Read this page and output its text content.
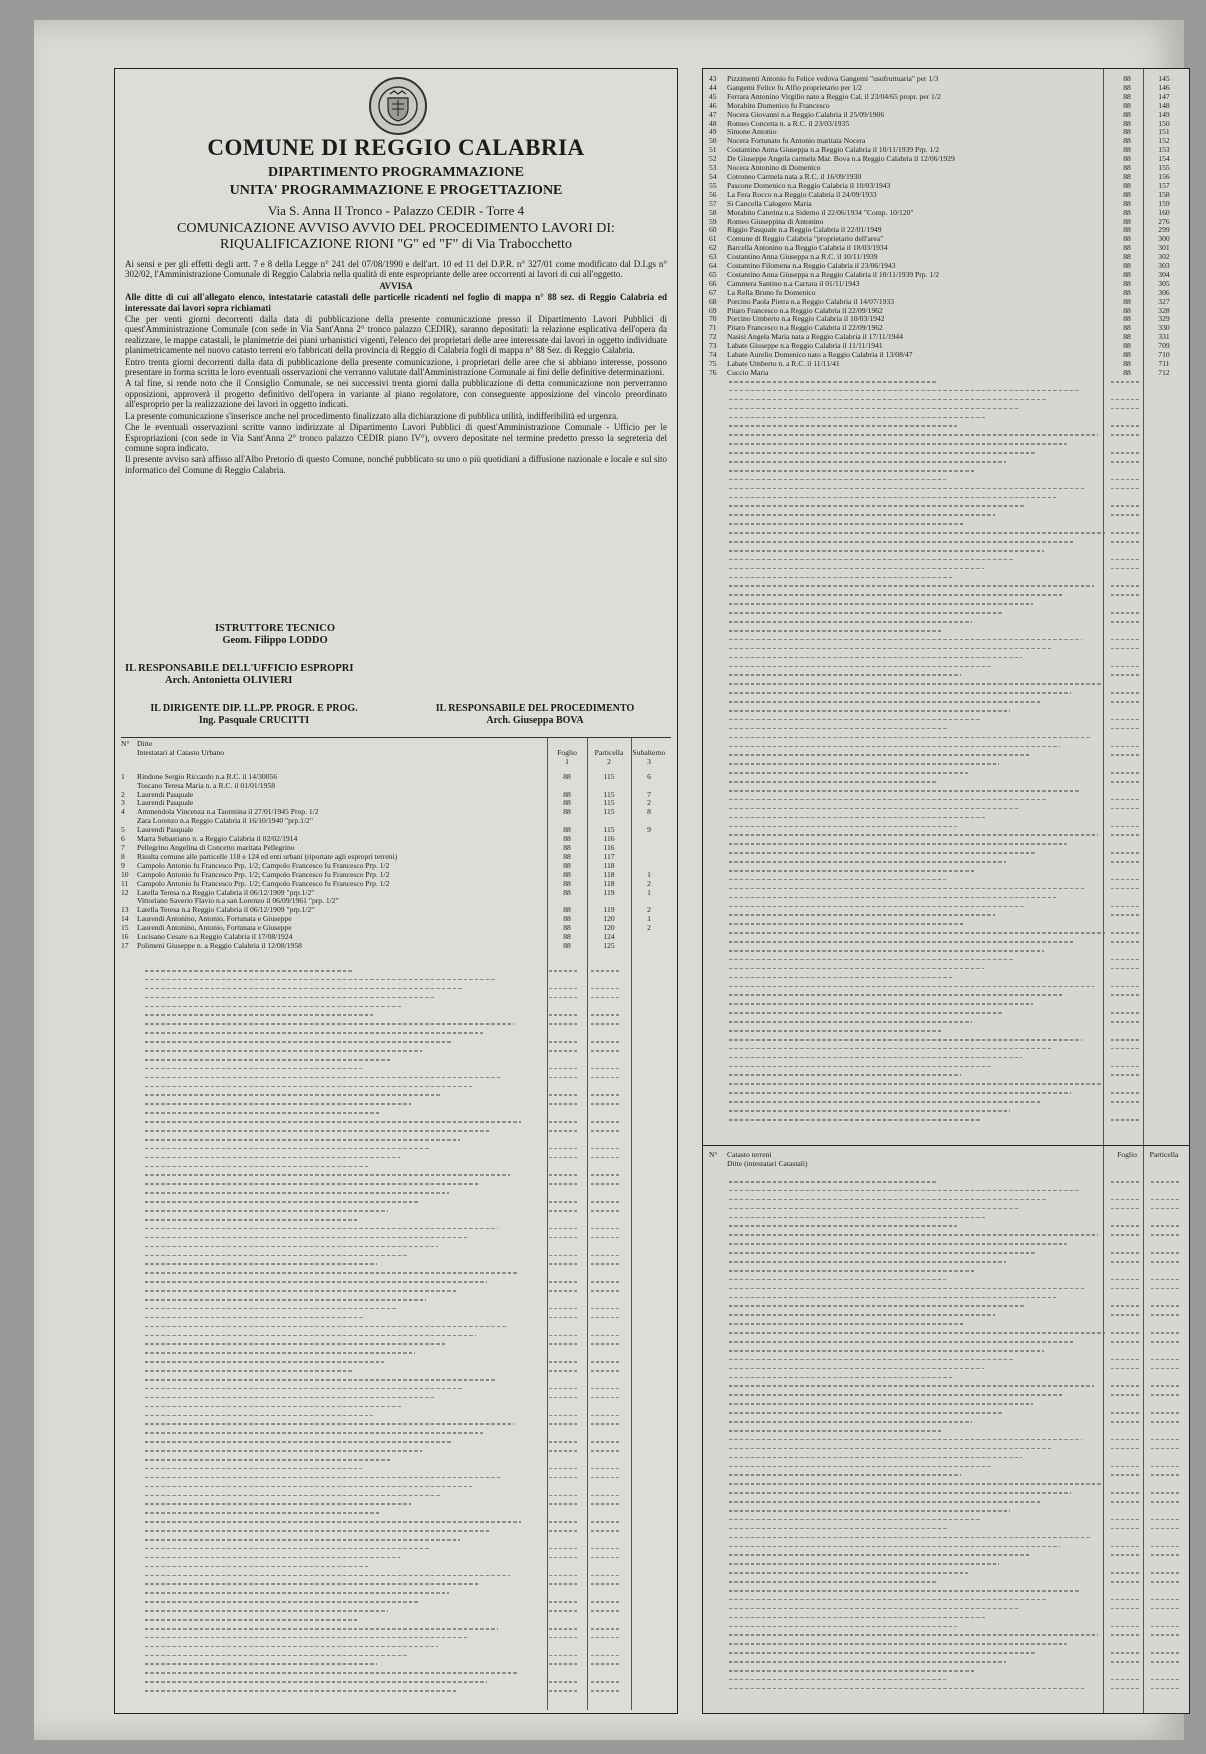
COMUNE DI REGGIO CALABRIA
DIPARTIMENTO PROGRAMMAZIONE
UNITA' PROGRAMMAZIONE E PROGETTAZIONE
Via S. Anna II Tronco - Palazzo CEDIR - Torre 4
COMUNICAZIONE AVVISO AVVIO DEL PROCEDIMENTO LAVORI DI:
RIQUALIFICAZIONE RIONI "G" ed "F" di Via Trabocchetto

Ai sensi e per gli effetti degli artt. 7 e 8 della Legge n° 241 del 07/08/1990 e dell'art. 10 ed 11 del D.P.R. n° 327/01 come modificato dal D.Lgs n° 302/02, l'Amministrazione Comunale di Reggio Calabria nella qualità di ente espropriante delle aree occorrenti ai lavori di cui all'oggetto.

AVVISA

Alle ditte di cui all'allegato elenco, intestatarie catastali delle particelle ricadenti nel foglio di mappa n° 88 sez. di Reggio Calabria ed interessate dai lavori sopra richiamati

Che per venti giorni decorrenti dalla data di pubblicazione della presente comunicazione presso il Dipartimento Lavori Pubblici di quest'Amministrazione Comunale (con sede in Via Sant'Anna 2° tronco palazzo CEDIR), saranno depositati: la relazione esplicativa dell'opera da realizzare, le mappe catastali, le planimetrie dei piani urbanistici vigenti, l'elenco dei proprietari delle aree interessate dai lavori in oggetto individuate planimetricamente nel nuovo catasto terreni e/o fabbricati della provincia di Reggio di Calabria fogli di mappa n° 88 Sez. di Reggio Calabria.

Entro trenta giorni decorrenti dalla data di pubblicazione della presente comunicazione, i proprietari delle aree che si abbiano interesse, possono presentare in forma scritta le loro eventuali osservazioni che verranno valutate dall'Amministrazione Comunale ai fini delle definitive determinazioni.

A tal fine, si rende noto che il Consiglio Comunale, se nei successivi trenta giorni dalla pubblicazione di detta comunicazione non perverranno opposizioni, approverà il progetto definitivo dell'opera in variante al piano regolatore, con conseguente apposizione del vincolo preordinato all'esproprio per la realizzazione dei lavori in oggetto indicati.

La presente comunicazione s'inserisce anche nel procedimento finalizzato alla dichiarazione di pubblica utilità, indifferibilità ed urgenza.

Che le eventuali osservazioni scritte vanno indirizzate al Dipartimento Lavori Pubblici di quest'Amministrazione Comunale - Ufficio per le Espropriazioni (con sede in Via Sant'Anna 2° tronco palazzo CEDIR piano IV°), ovvero depositate nel termine predetto presso la segreteria del comune sopra indicato.

Il presente avviso sarà affisso all'Albo Pretorio di questo Comune, nonché pubblicato su uno o più quotidiani a diffusione nazionale e locale e sul sito informatico del Comune di Reggio Calabria.

ISTRUTTORE TECNICO
Geom. Filippo LODDO
IL RESPONSABILE DELL'UFFICIO ESPROPRI
Arch. Antonietta OLIVIERI
IL DIRIGENTE DIP. LL.PP. PROGR. E PROG.
Ing. Pasquale CRUCITTI
IL RESPONSABILE DEL PROCEDIMENTO
Arch. Giuseppa BOVA
N° Ditte
Intestatari al Catasto Urbano	Foglio	Particella	Subalterno
1	2	3
1	Rindone Sergio Riccardo n.a R.C. il 14/30056	88	115	6
Toscano Teresa Maria n. a R.C. il 01/01/1958
2	Laurendi Pasquale	88	115	7
3	Laurendi Pasquale	88	115	2
4	Ammendola Vincenza n.a Taormina il 27/01/1945 Prop. 1/2	88	115	8
Zara Lorenzo n.a Reggio Calabria il 16/10/1940 "prp.1/2"
5	Laurendi Pasquale	88	115	9
6	Marra Sebastiano n. a Reggio Calabria il 02/02/1914	88	116
7	Pellegrino Angelina di Concetto maritata Pellegrino	88	116
8	Risulta comune alle particelle 118 e 124 ed enti urbani (riportate agli espropri terreni)	88	117
9	Campolo Antonio fu Francesco Prp. 1/2; Campolo Francesco fu Francesco Prp. 1/2	88	118
10	Campolo Antonio fu Francesco Prp. 1/2; Campolo Francesco fu Francesco Prp. 1/2	88	118	1
11	Campolo Antonio fu Francesco Prp. 1/2; Campolo Francesco fu Francesco Prp. 1/2	88	118	2
12	Latella Teresa n.a Reggio Calabria il 06/12/1909 "prp.1/2"	88	119	1
Vittoriano Saverio Flavio n.a san Lorenzo il 06/09/1961 "prp. 1/2"
13	Latella Teresa n.a Reggio Calabria il 06/12/1909 "prp.1/2"	88	119	2
14	Laurendi Antonino, Antonio, Fortunata e Giuseppe	88	120	1
15	Laurendi Antonino, Antonio, Fortunata e Giuseppe	88	120	2
16	Lucisano Cesare n.a Reggio Calabria il 17/08/1924	88	124
17	Polimeni Giuseppe n. a Reggio Calabria il 12/08/1958	88	125
43	Pizzimenti Antonio fu Felice vedova Gangemi "usufruttuaria" per 1/3	88	145
44	Gangemi Felice fu Alfio proprietario per 1/2	88	146
45	Ferrara Antonino Virgilio nato a Reggio Cal. il 23/04/65 propr. per 1/2	88	147
46	Morabito Domenico fu Francesco	88	148
47	Nocera Giovanni n.a Reggio Calabria il 25/09/1906	88	149
48	Romeo Concetta n. a R.C. il 23/03/1935	88	150
49	Simone Antonio	88	151
50	Nocera Fortunato fu Antonio maritata Nocera	88	152
51	Costantino Anna Giuseppa n.a Reggio Calabria il 10/11/1939 Prp. 1/2	88	153
52	De Giuseppe Angela carmela Mar. Bova n.a Reggio Calabria il 12/06/1929	88	154
53	Nocera Antonino di Domenico	88	155
54	Cotroneo Carmela nata a R.C. il 16/09/1930	88	156
55	Pascone Domenico n.a Reggio Calabria il 10/03/1943	88	157
56	La Fera Rocco n.a Reggio Calabria il 24/09/1933	88	158
57	Si Cancella Calogero Maria	88	159
58	Morabito Caterina n.a Siderno il 22/06/1934 "Comp. 10/120"	88	160
59	Romeo Giuseppina di Antonino	88	276
60	Riggio Pasquale n.a Reggio Calabria il 22/01/1949	88	299
61	Comune di Reggio Calabria "proprietario dell'area"	88	300
62	Barcella Antonino n.a Reggio Calabria il 18/03/1934	88	301
63	Costantino Anna Giuseppa n.a R.C. il 10/11/1939	88	302
64	Costantino Filomena n.a Reggio Calabria il 23/06/1943	88	303
65	Costantino Anna Giuseppa n.a Reggio Calabria il 10/11/1939 Prp. 1/2	88	304
66	Cammera Santino n.a Carrara il 01/11/1943	88	305
67	La Rella Bruno fu Domenico	88	306
68	Porcino Paola Pietra n.a Reggio Calabria il 14/07/1933	88	327
69	Pitaro Francesco n.a Reggio Calabria il 22/09/1962	88	328
70	Porcino Umberto n.a Reggio Calabria il 10/03/1942	88	329
71	Pitaro Francesco n.a Reggio Calabria il 22/09/1962	88	330
72	Nasisi Angela Maria nata a Reggio Calabria il 17/11/1944	88	331
73	Labate Giuseppe n.a Reggio Calabria il 11/11/1941	88	709
74	Labate Aurelio Domenico nato a Reggio Calabria il 13/08/47	88	710
75	Labate Umberto n. a R.C. il 11/11/41	88	711
76	Cuccio Maria	88	712
N°	Catasto terreni	Foglio	Particella
Ditte (intestatari Catastali)
